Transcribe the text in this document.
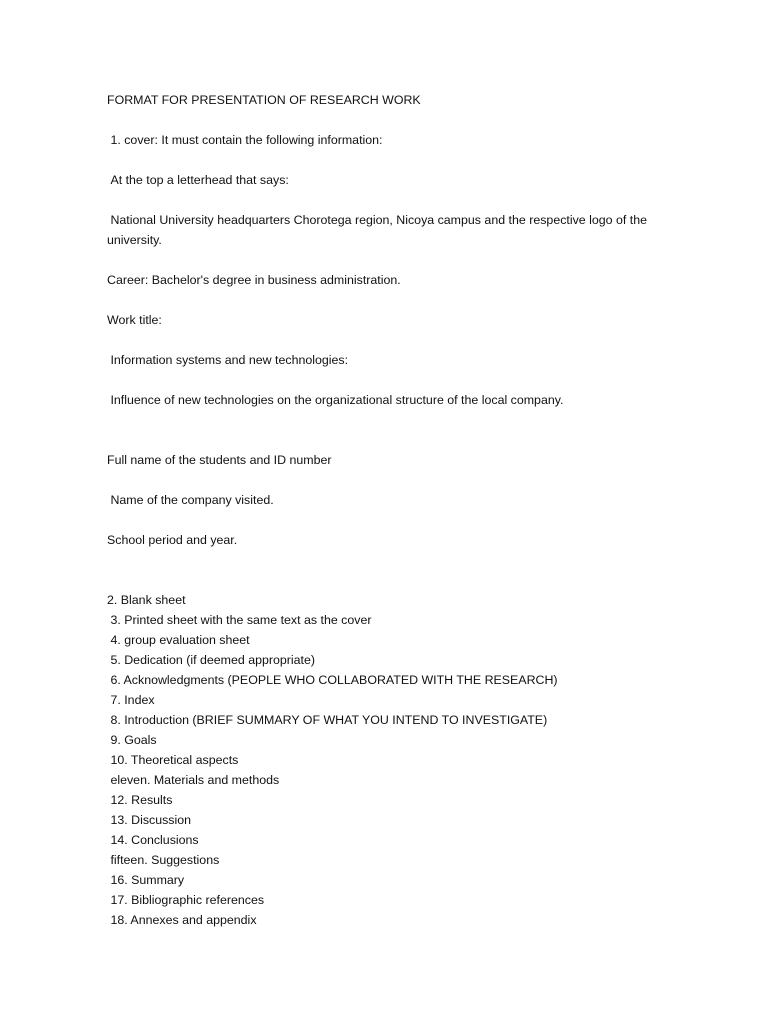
FORMAT FOR PRESENTATION OF RESEARCH WORK

1. cover: It must contain the following information:

At the top a letterhead that says:

National University headquarters Chorotega region, Nicoya campus and the respective logo of the university.

Career: Bachelor's degree in business administration.

Work title:

Information systems and new technologies:

Influence of new technologies on the organizational structure of the local company.

Full name of the students and ID number

Name of the company visited.

School period and year.

2. Blank sheet

3. Printed sheet with the same text as the cover

4. group evaluation sheet

5. Dedication (if deemed appropriate)

6. Acknowledgments (PEOPLE WHO COLLABORATED WITH THE RESEARCH)

7. Index

8. Introduction (BRIEF SUMMARY OF WHAT YOU INTEND TO INVESTIGATE)

9. Goals

10. Theoretical aspects

eleven. Materials and methods

12. Results

13. Discussion

14. Conclusions

fifteen. Suggestions

16. Summary

17. Bibliographic references

18. Annexes and appendix
